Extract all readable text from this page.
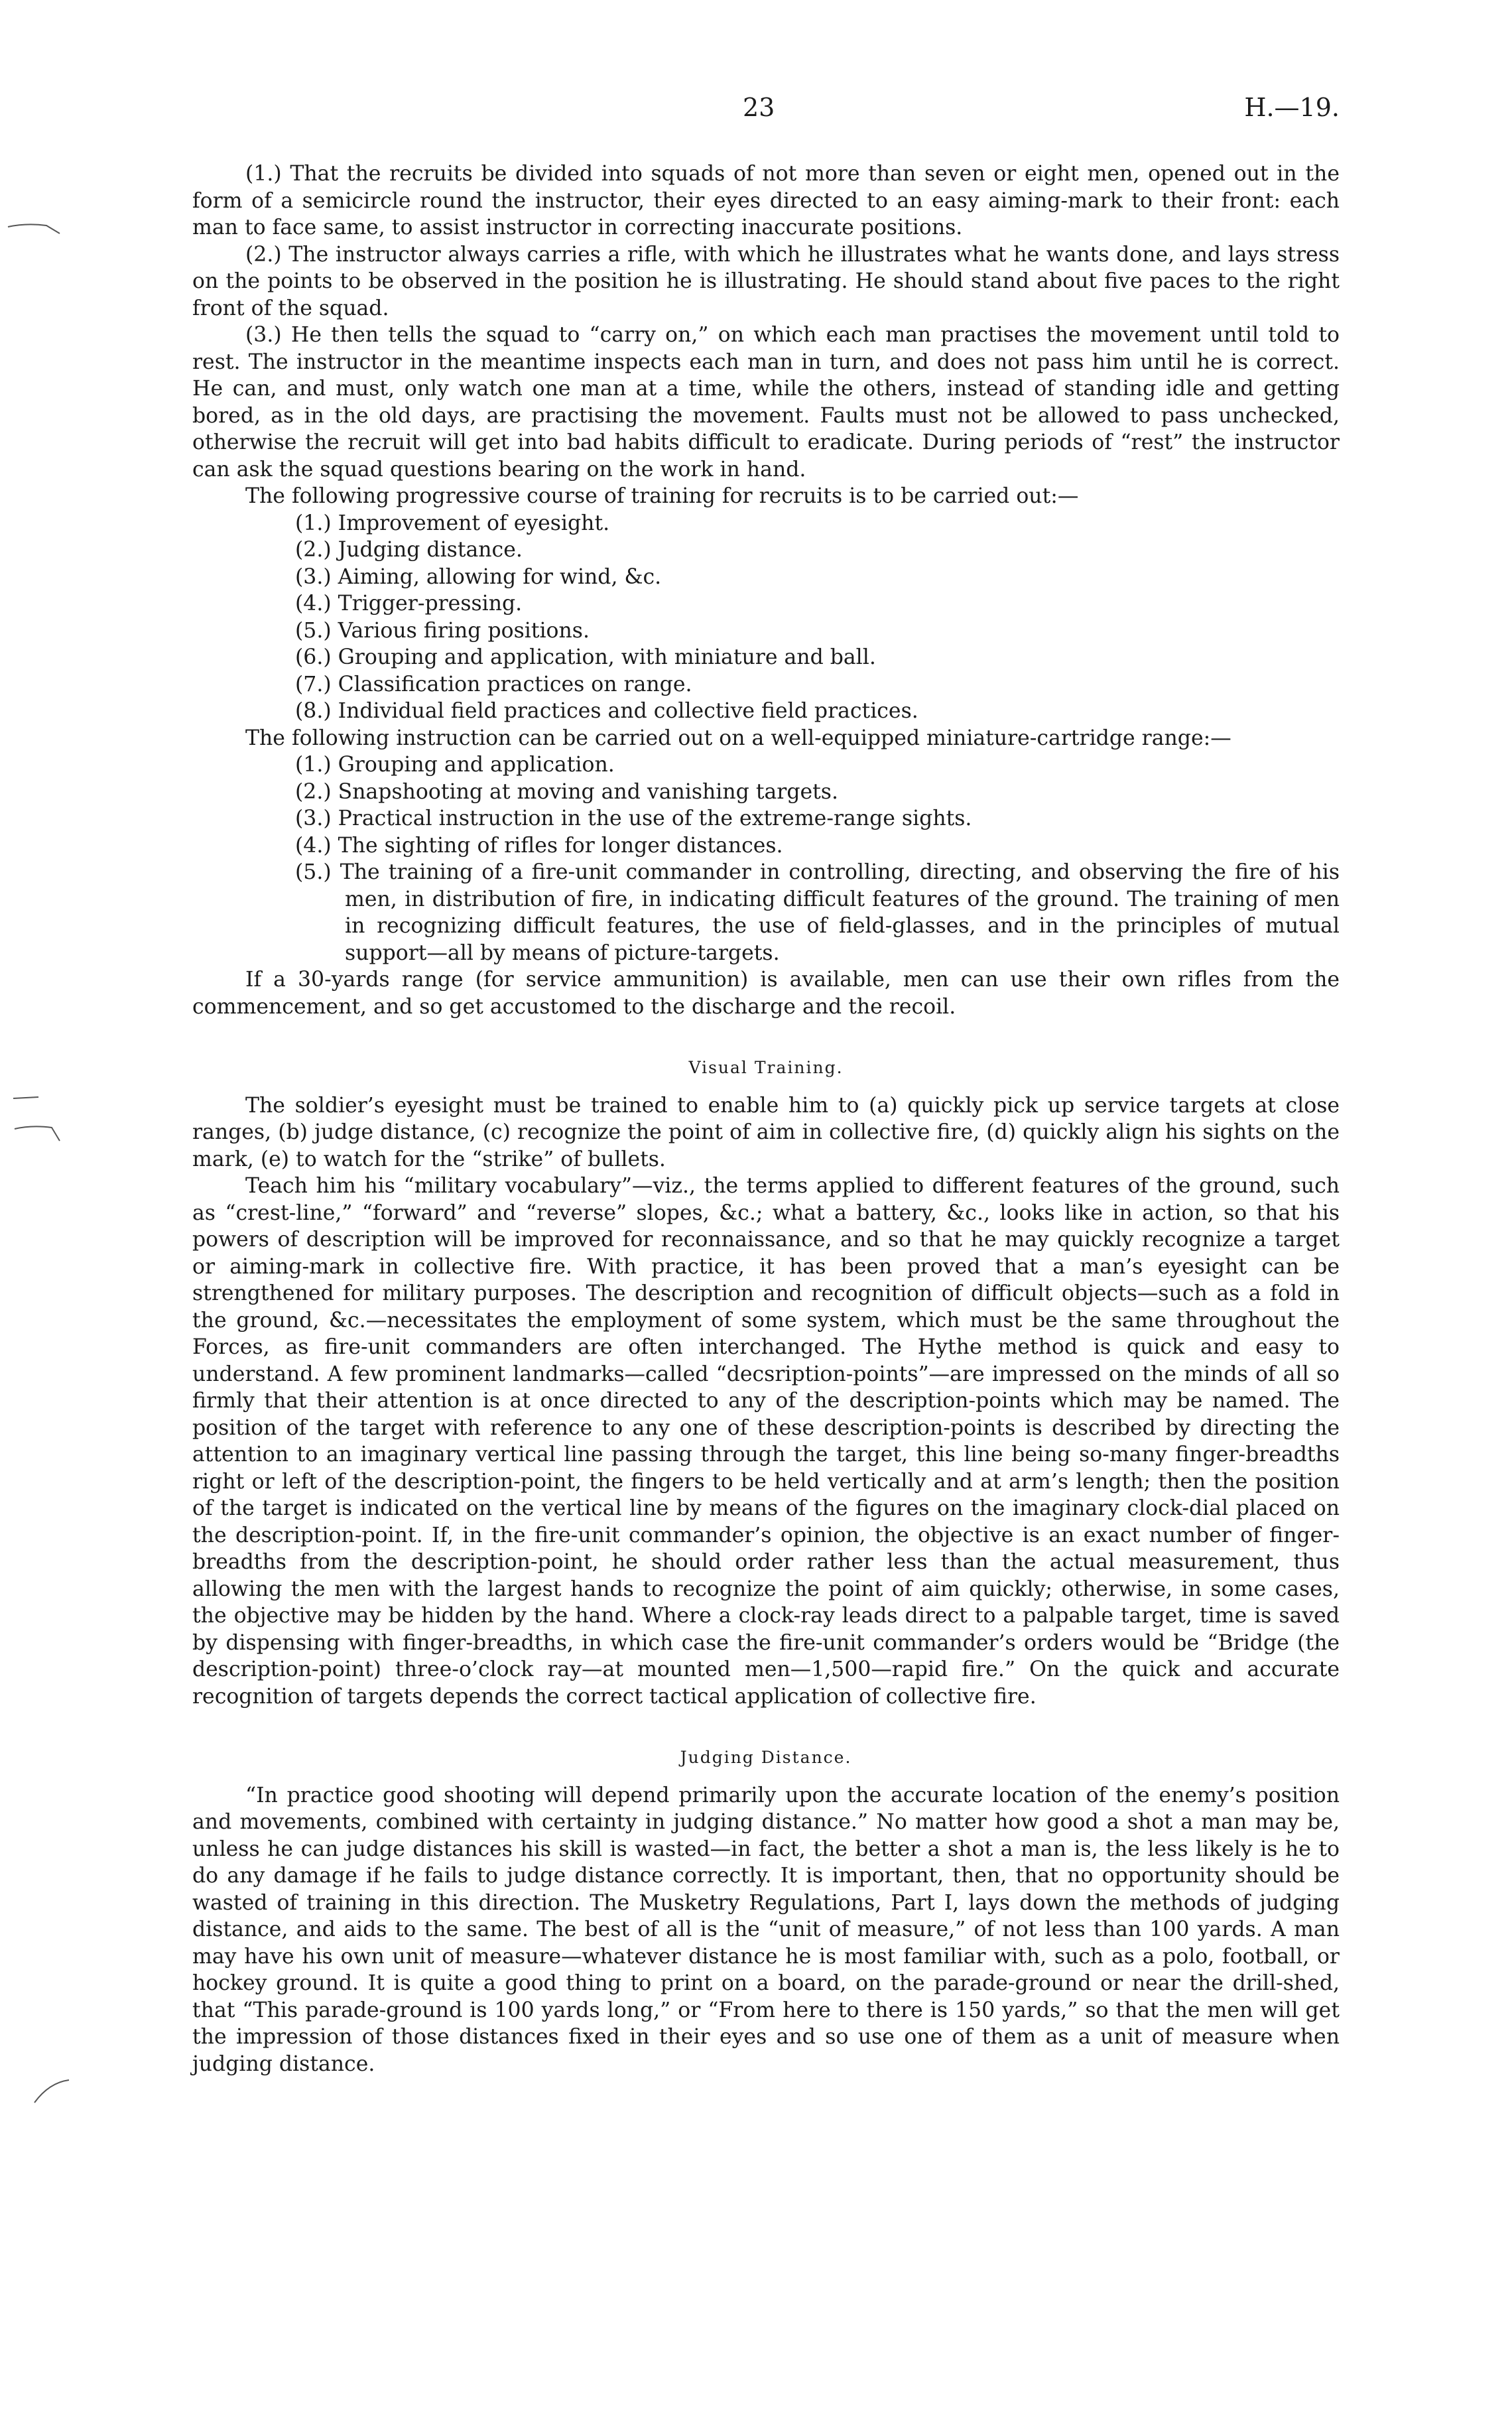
23	H.—19.

(1.) That the recruits be divided into squads of not more than seven or eight men, opened out in the form of a semicircle round the instructor, their eyes directed to an easy aiming-mark to their front: each man to face same, to assist instructor in correcting inaccurate positions.

(2.) The instructor always carries a rifle, with which he illustrates what he wants done, and lays stress on the points to be observed in the position he is illustrating. He should stand about five paces to the right front of the squad.

(3.) He then tells the squad to “carry on,” on which each man practises the movement until told to rest. The instructor in the meantime inspects each man in turn, and does not pass him until he is correct. He can, and must, only watch one man at a time, while the others, instead of standing idle and getting bored, as in the old days, are practising the movement. Faults must not be allowed to pass unchecked, otherwise the recruit will get into bad habits difficult to eradicate. During periods of “rest” the instructor can ask the squad questions bearing on the work in hand.

The following progressive course of training for recruits is to be carried out:—

(1.) Improvement of eyesight.
(2.) Judging distance.
(3.) Aiming, allowing for wind, &c.
(4.) Trigger-pressing.
(5.) Various firing positions.
(6.) Grouping and application, with miniature and ball.
(7.) Classification practices on range.
(8.) Individual field practices and collective field practices.

The following instruction can be carried out on a well-equipped miniature-cartridge range:—

(1.) Grouping and application.
(2.) Snapshooting at moving and vanishing targets.
(3.) Practical instruction in the use of the extreme-range sights.
(4.) The sighting of rifles for longer distances.
(5.) The training of a fire-unit commander in controlling, directing, and observing the fire of his men, in distribution of fire, in indicating difficult features of the ground. The training of men in recognizing difficult features, the use of field-glasses, and in the principles of mutual support—all by means of picture-targets.

If a 30-yards range (for service ammunition) is available, men can use their own rifles from the commencement, and so get accustomed to the discharge and the recoil.

Visual Training.

The soldier’s eyesight must be trained to enable him to (a) quickly pick up service targets at close ranges, (b) judge distance, (c) recognize the point of aim in collective fire, (d) quickly align his sights on the mark, (e) to watch for the “strike” of bullets.

Teach him his “military vocabulary”—viz., the terms applied to different features of the ground, such as “crest-line,” “forward” and “reverse” slopes, &c.; what a battery, &c., looks like in action, so that his powers of description will be improved for reconnaissance, and so that he may quickly recognize a target or aiming-mark in collective fire. With practice, it has been proved that a man’s eyesight can be strengthened for military purposes. The description and recognition of difficult objects—such as a fold in the ground, &c.—necessitates the employment of some system, which must be the same throughout the Forces, as fire-unit commanders are often interchanged. The Hythe method is quick and easy to understand. A few prominent landmarks—called “decsription-points”—are impressed on the minds of all so firmly that their attention is at once directed to any of the description-points which may be named. The position of the target with reference to any one of these description-points is described by directing the attention to an imaginary vertical line passing through the target, this line being so-many finger-breadths right or left of the description-point, the fingers to be held vertically and at arm’s length; then the position of the target is indicated on the vertical line by means of the figures on the imaginary clock-dial placed on the description-point. If, in the fire-unit commander’s opinion, the objective is an exact number of finger-breadths from the description-point, he should order rather less than the actual measurement, thus allowing the men with the largest hands to recognize the point of aim quickly; otherwise, in some cases, the objective may be hidden by the hand. Where a clock-ray leads direct to a palpable target, time is saved by dispensing with finger-breadths, in which case the fire-unit commander’s orders would be “Bridge (the description-point) three-o’clock ray—at mounted men—1,500—rapid fire.” On the quick and accurate recognition of targets depends the correct tactical application of collective fire.

Judging Distance.

“In practice good shooting will depend primarily upon the accurate location of the enemy’s position and movements, combined with certainty in judging distance.” No matter how good a shot a man may be, unless he can judge distances his skill is wasted—in fact, the better a shot a man is, the less likely is he to do any damage if he fails to judge distance correctly. It is important, then, that no opportunity should be wasted of training in this direction. The Musketry Regulations, Part I, lays down the methods of judging distance, and aids to the same. The best of all is the “unit of measure,” of not less than 100 yards. A man may have his own unit of measure—whatever distance he is most familiar with, such as a polo, football, or hockey ground. It is quite a good thing to print on a board, on the parade-ground or near the drill-shed, that “This parade-ground is 100 yards long,” or “From here to there is 150 yards,” so that the men will get the impression of those distances fixed in their eyes and so use one of them as a unit of measure when judging distance.
